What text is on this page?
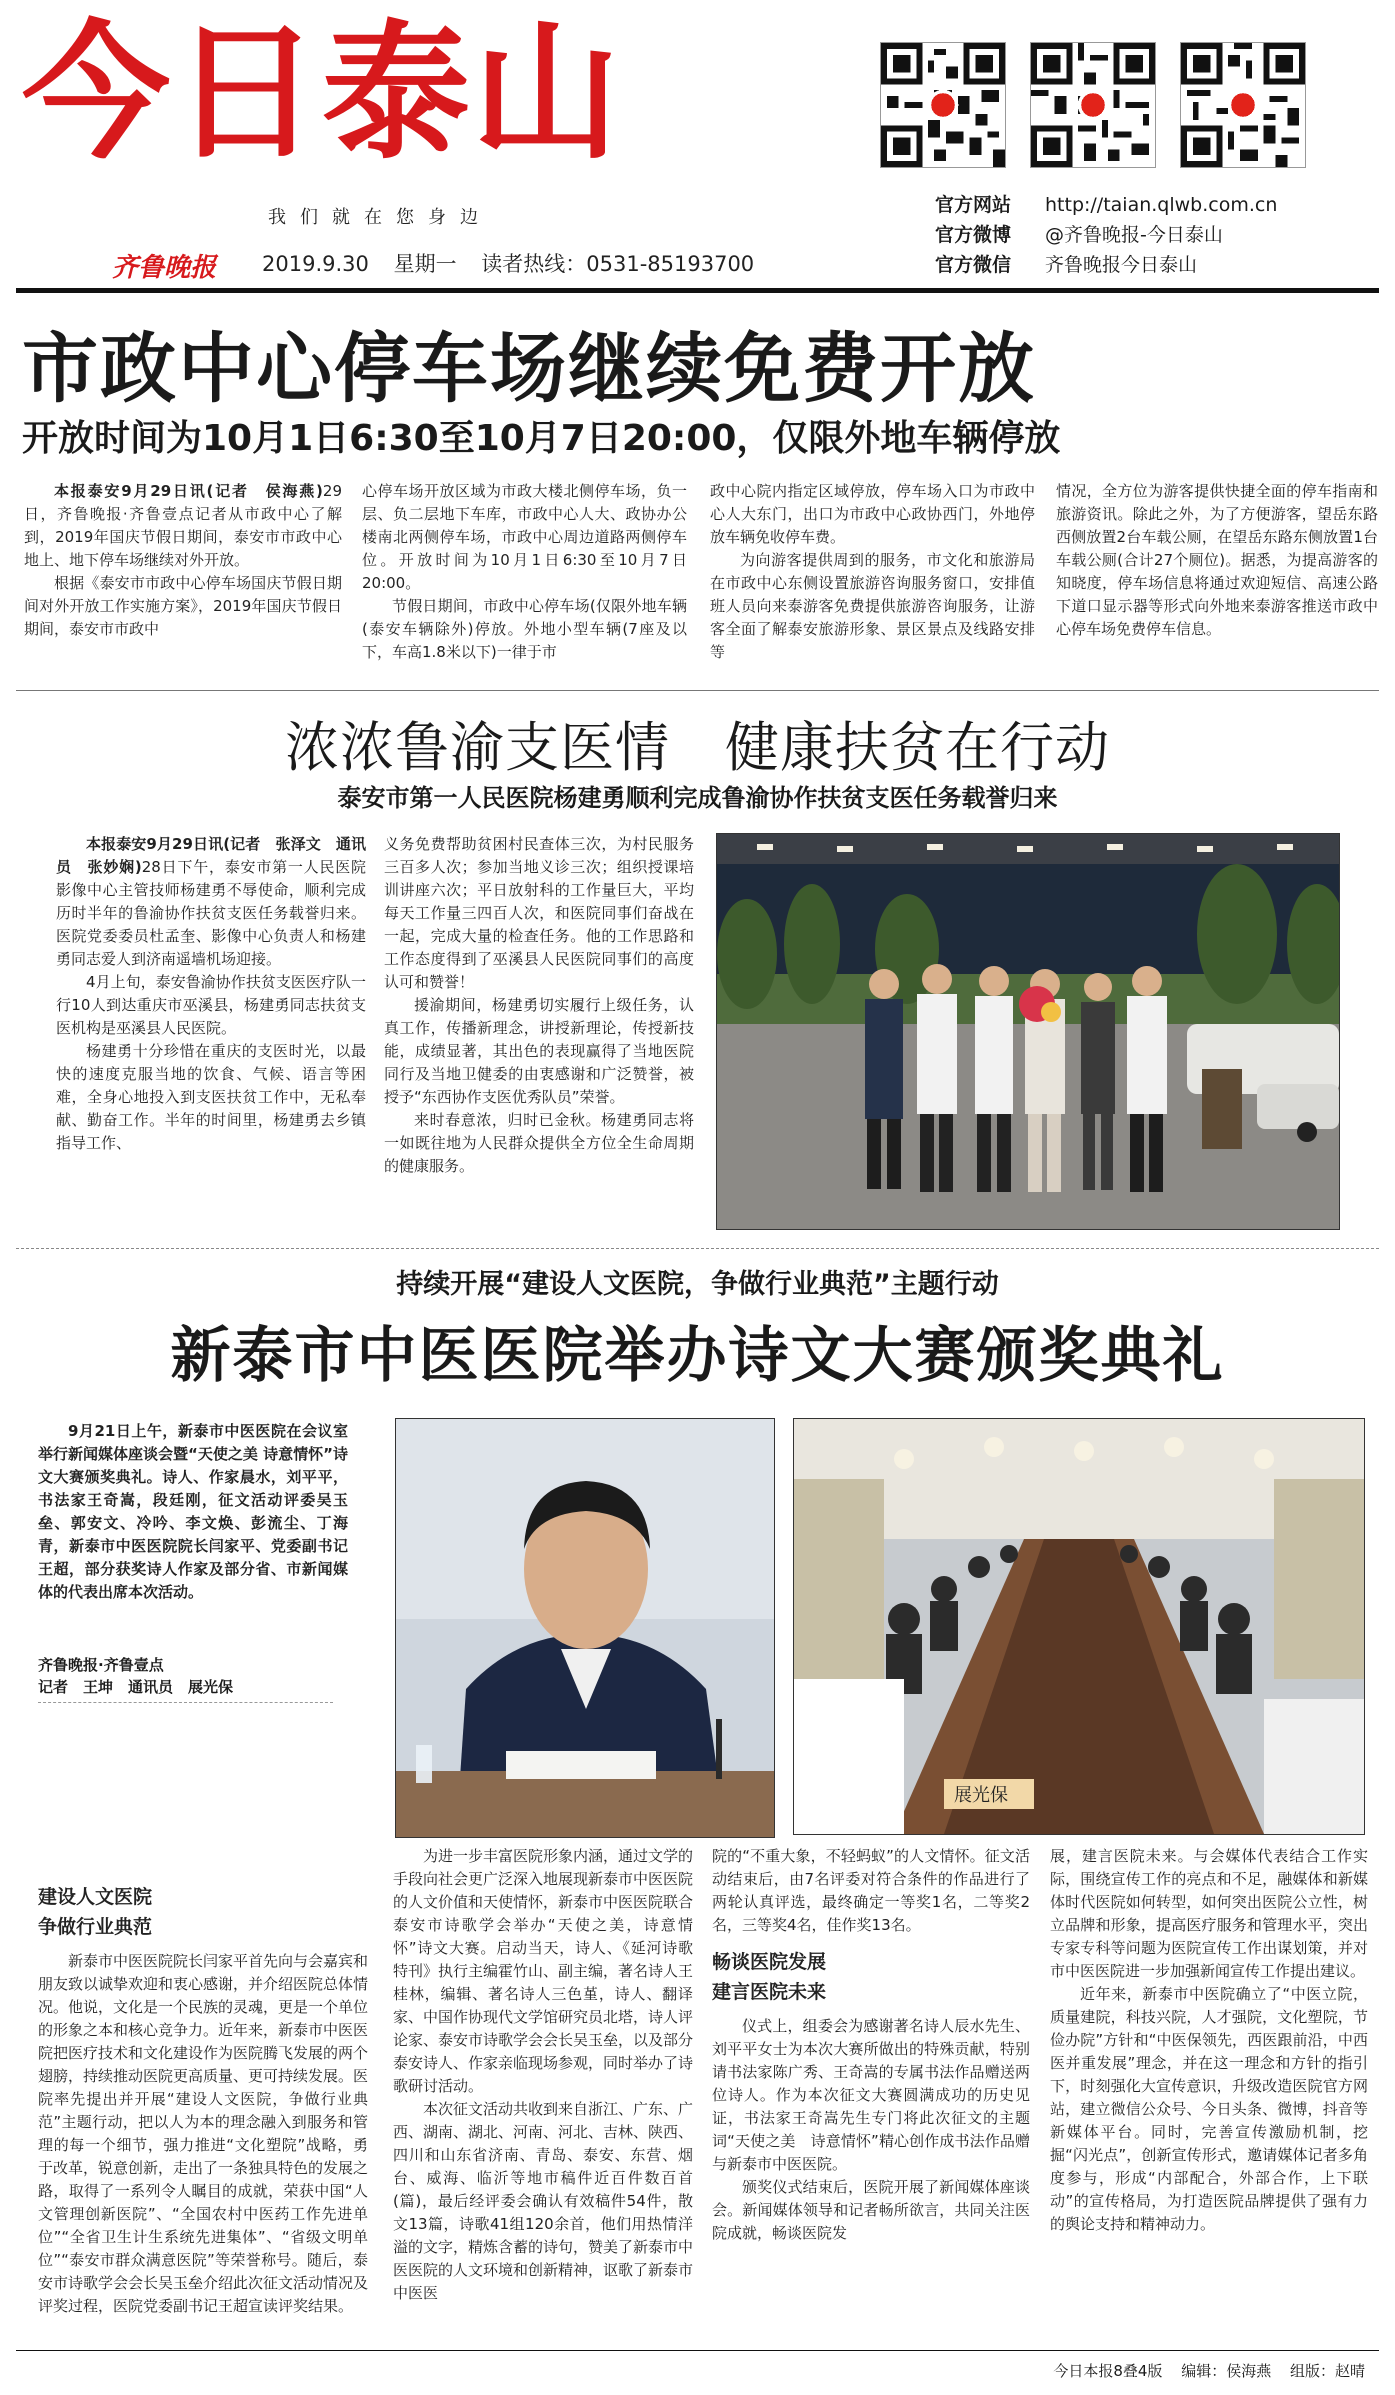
今日泰山
我们就在您身边
齐鲁晚报 2019.9.30 星期一 读者热线：0531-85193700
官方网站 http://taian.qlwb.com.cn
官方微博 @齐鲁晚报-今日泰山
官方微信 齐鲁晚报今日泰山
市政中心停车场继续免费开放
开放时间为10月1日6:30至10月7日20:00，仅限外地车辆停放

本报泰安9月29日讯(记者　侯海燕)29日，齐鲁晚报·齐鲁壹点记者从市政中心了解到，2019年国庆节假日期间，泰安市市政中心地上、地下停车场继续对外开放。

根据《泰安市市政中心停车场国庆节假日期间对外开放工作实施方案》，2019年国庆节假日期间，泰安市市政中

心停车场开放区域为市政大楼北侧停车场，负一层、负二层地下车库，市政中心人大、政协办公楼南北两侧停车场，市政中心周边道路两侧停车位。开放时间为10月1日6:30至10月7日20:00。

节假日期间，市政中心停车场(仅限外地车辆(泰安车辆除外)停放。外地小型车辆(7座及以下，车高1.8米以下)一律于市

政中心院内指定区域停放，停车场入口为市政中心人大东门，出口为市政中心政协西门，外地停放车辆免收停车费。

为向游客提供周到的服务，市文化和旅游局在市政中心东侧设置旅游咨询服务窗口，安排值班人员向来泰游客免费提供旅游咨询服务，让游客全面了解泰安旅游形象、景区景点及线路安排等

情况，全方位为游客提供快捷全面的停车指南和旅游资讯。除此之外，为了方便游客，望岳东路西侧放置2台车载公厕，在望岳东路东侧放置1台车载公厕(合计27个厕位)。据悉，为提高游客的知晓度，停车场信息将通过欢迎短信、高速公路下道口显示器等形式向外地来泰游客推送市政中心停车场免费停车信息。

浓浓鲁渝支医情　健康扶贫在行动
泰安市第一人民医院杨建勇顺利完成鲁渝协作扶贫支医任务载誉归来

本报泰安9月29日讯(记者　张泽文　通讯员　张妙娴)28日下午，泰安市第一人民医院影像中心主管技师杨建勇不辱使命，顺利完成历时半年的鲁渝协作扶贫支医任务载誉归来。医院党委委员杜孟奎、影像中心负责人和杨建勇同志爱人到济南遥墙机场迎接。

4月上旬，泰安鲁渝协作扶贫支医医疗队一行10人到达重庆市巫溪县，杨建勇同志扶贫支医机构是巫溪县人民医院。

杨建勇十分珍惜在重庆的支医时光，以最快的速度克服当地的饮食、气候、语言等困难，全身心地投入到支医扶贫工作中，无私奉献、勤奋工作。半年的时间里，杨建勇去乡镇指导工作、

义务免费帮助贫困村民查体三次，为村民服务三百多人次；参加当地义诊三次；组织授课培训讲座六次；平日放射科的工作量巨大，平均每天工作量三四百人次，和医院同事们奋战在一起，完成大量的检查任务。他的工作思路和工作态度得到了巫溪县人民医院同事们的高度认可和赞誉！

援渝期间，杨建勇切实履行上级任务，认真工作，传播新理念，讲授新理论，传授新技能，成绩显著，其出色的表现赢得了当地医院同行及当地卫健委的由衷感谢和广泛赞誉，被授予“东西协作支医优秀队员”荣誉。

来时春意浓，归时已金秋。杨建勇同志将一如既往地为人民群众提供全方位全生命周期的健康服务。

持续开展“建设人文医院，争做行业典范”主题行动
新泰市中医医院举办诗文大赛颁奖典礼

9月21日上午，新泰市中医医院在会议室举行新闻媒体座谈会暨“天使之美 诗意情怀”诗文大赛颁奖典礼。诗人、作家晨水，刘平平，书法家王奇嵩，段廷刚，征文活动评委吴玉垒、郭安文、冷吟、李文焕、彭流尘、丁海青，新泰市中医医院院长闫家平、党委副书记王超，部分获奖诗人作家及部分省、市新闻媒体的代表出席本次活动。

齐鲁晚报·齐鲁壹点
记者　王坤　通讯员　展光保
展光保
建设人文医院
争做行业典范

新泰市中医医院院长闫家平首先向与会嘉宾和朋友致以诚挚欢迎和衷心感谢，并介绍医院总体情况。他说，文化是一个民族的灵魂，更是一个单位的形象之本和核心竞争力。近年来，新泰市中医医院把医疗技术和文化建设作为医院腾飞发展的两个翅膀，持续推动医院更高质量、更可持续发展。医院率先提出并开展“建设人文医院，争做行业典范”主题行动，把以人为本的理念融入到服务和管理的每一个细节，强力推进“文化塑院”战略，勇于改革，锐意创新，走出了一条独具特色的发展之路，取得了一系列令人瞩目的成就，荣获中国“人文管理创新医院”、“全国农村中医药工作先进单位”“全省卫生计生系统先进集体”、“省级文明单位”“泰安市群众满意医院”等荣誉称号。随后，泰安市诗歌学会会长吴玉垒介绍此次征文活动情况及评奖过程，医院党委副书记王超宣读评奖结果。

为进一步丰富医院形象内涵，通过文学的手段向社会更广泛深入地展现新泰市中医医院的人文价值和天使情怀，新泰市中医医院联合泰安市诗歌学会举办“天使之美，诗意情怀”诗文大赛。启动当天，诗人、《延河诗歌特刊》执行主编霍竹山、副主编，著名诗人王桂林，编辑、著名诗人三色堇，诗人、翻译家、中国作协现代文学馆研究员北塔，诗人评论家、泰安市诗歌学会会长吴玉垒，以及部分泰安诗人、作家亲临现场参观，同时举办了诗歌研讨活动。

本次征文活动共收到来自浙江、广东、广西、湖南、湖北、河南、河北、吉林、陕西、四川和山东省济南、青岛、泰安、东营、烟台、威海、临沂等地市稿件近百件数百首(篇)，最后经评委会确认有效稿件54件，散文13篇，诗歌41组120余首，他们用热情洋溢的文字，精炼含蓄的诗句，赞美了新泰市中医医院的人文环境和创新精神，讴歌了新泰市中医医

院的“不重大象，不轻蚂蚁”的人文情怀。征文活动结束后，由7名评委对符合条件的作品进行了两轮认真评选，最终确定一等奖1名，二等奖2名，三等奖4名，佳作奖13名。

畅谈医院发展
建言医院未来

仪式上，组委会为感谢著名诗人辰水先生、刘平平女士为本次大赛所做出的特殊贡献，特别请书法家陈广秀、王奇嵩的专属书法作品赠送两位诗人。作为本次征文大赛圆满成功的历史见证，书法家王奇嵩先生专门将此次征文的主题词“天使之美　诗意情怀”精心创作成书法作品赠与新泰市中医医院。

颁奖仪式结束后，医院开展了新闻媒体座谈会。新闻媒体领导和记者畅所欲言，共同关注医院成就，畅谈医院发

展，建言医院未来。与会媒体代表结合工作实际，围绕宣传工作的亮点和不足，融媒体和新媒体时代医院如何转型，如何突出医院公立性，树立品牌和形象，提高医疗服务和管理水平，突出专家专科等问题为医院宣传工作出谋划策，并对市中医医院进一步加强新闻宣传工作提出建议。

近年来，新泰市中医院确立了“中医立院，质量建院，科技兴院，人才强院，文化塑院，节俭办院”方针和“中医保领先，西医跟前沿，中西医并重发展”理念，并在这一理念和方针的指引下，时刻强化大宣传意识，升级改造医院官方网站，建立微信公众号、今日头条、微博，抖音等新媒体平台。同时，完善宣传激励机制，挖掘“闪光点”，创新宣传形式，邀请媒体记者多角度参与，形成“内部配合，外部合作，上下联动”的宣传格局，为打造医院品牌提供了强有力的舆论支持和精神动力。

今日本报8叠4版 编辑：侯海燕 组版：赵晴
